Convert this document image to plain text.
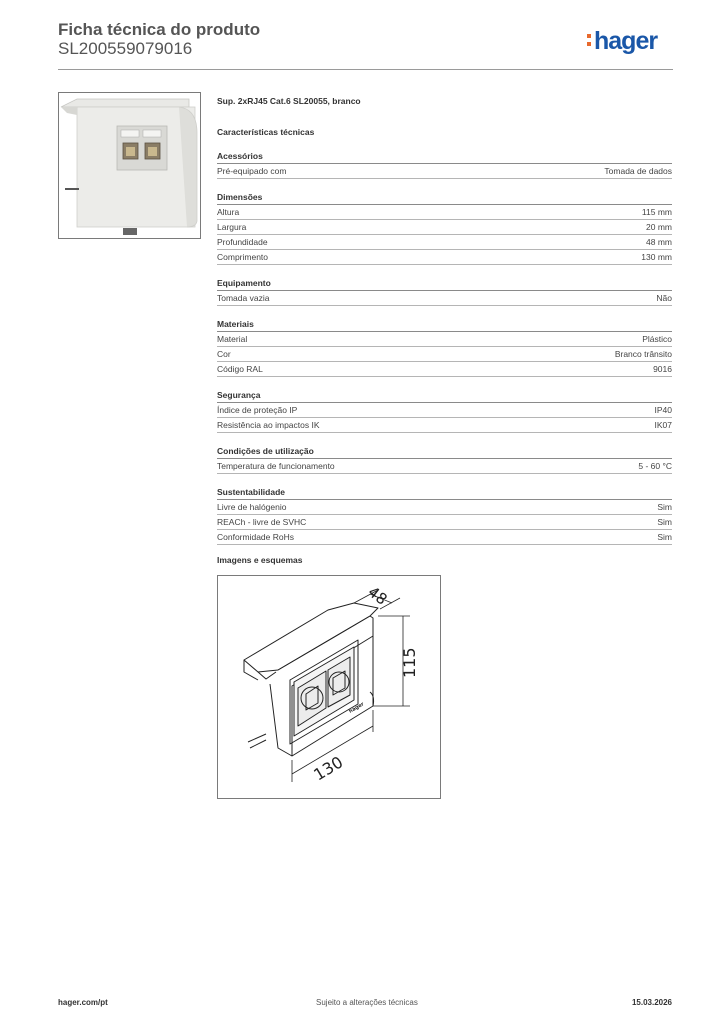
Ficha técnica do produto
SL200559079016	hager
Sup. 2xRJ45 Cat.6 SL20055, branco
Características técnicas
Acessórios
Pré-equipado com	Tomada de dados
Dimensões
Altura	115 mm
Largura	20 mm
Profundidade	48 mm
Comprimento	130 mm
Equipamento
Tomada vazia	Não
Materiais
Material	Plástico
Cor	Branco trânsito
Código RAL	9016
Segurança
Índice de proteção IP	IP40
Resistência ao impactos IK	IK07
Condições de utilização
Temperatura de funcionamento	5 - 60 °C
Sustentabilidade
Livre de halógenio	Sim
REACh - livre de SVHC	Sim
Conformidade RoHs	Sim
Imagens e esquemas
48
115
130
hager
hager.com/pt	Sujeito a alterações técnicas	15.03.2026
